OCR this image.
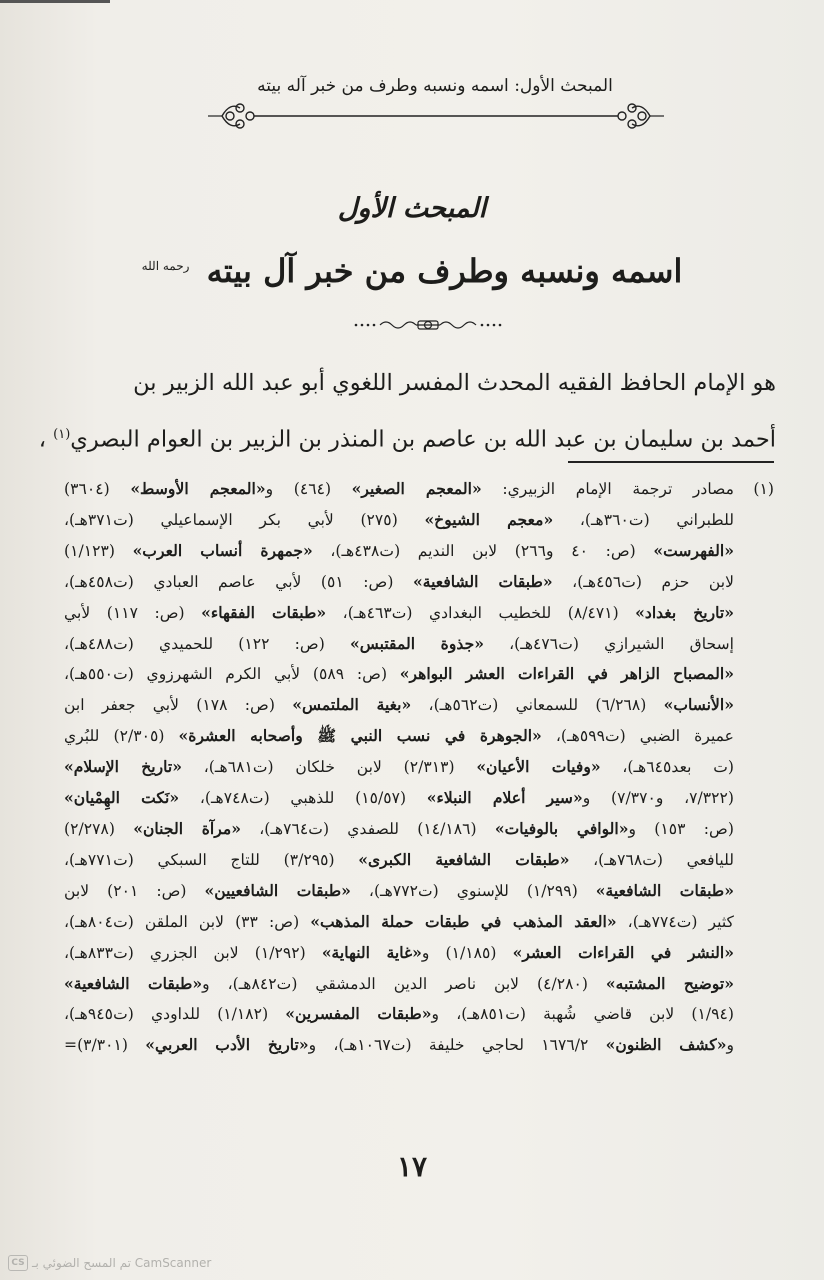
المبحث الأول: اسمه ونسبه وطرف من خبر آله بيته
المبحث الأول
اسمه ونسبه وطرف من خبر آل بيته $^{رحمه الله}$
هو الإمام الحافظ الفقيه المحدث المفسر اللغوي أبو عبد الله الزبير بن
أحمد بن سليمان بن عبد الله بن عاصم بن المنذر بن الزبير بن العوام البصري$^{(١)}$ ،
(١)مصادر ترجمة الإمام الزبيري: «المعجم الصغير» (٤٦٤) و«المعجم الأوسط» (٣٦٠٤)
للطبراني (ت٣٦٠هـ)، «معجم الشيوخ» (٢٧٥) لأبي بكر الإسماعيلي (ت٣٧١هـ)،
«الفهرست» (ص: ٤٠ و٢٦٦) لابن النديم (ت٤٣٨هـ)، «جمهرة أنساب العرب» (١/١٢٣)
لابن حزم (ت٤٥٦هـ)، «طبقات الشافعية» (ص: ٥١) لأبي عاصم العبادي (ت٤٥٨هـ)،
«تاريخ بغداد» (٨/٤٧١) للخطيب البغدادي (ت٤٦٣هـ)، «طبقات الفقهاء» (ص: ١١٧) لأبي
إسحاق الشيرازي (ت٤٧٦هـ)، «جذوة المقتبس» (ص: ١٢٢) للحميدي (ت٤٨٨هـ)،
«المصباح الزاهر في القراءات العشر البواهر» (ص: ٥٨٩) لأبي الكرم الشهرزوي (ت٥٥٠هـ)،
«الأنساب» (٦/٢٦٨) للسمعاني (ت٥٦٢هـ)، «بغية الملتمس» (ص: ١٧٨) لأبي جعفر ابن
عميرة الضبي (ت٥٩٩هـ)، «الجوهرة في نسب النبي ﷺ وأصحابه العشرة» (٢/٣٠٥) للبُري
(ت بعد٦٤٥هـ)، «وفيات الأعيان» (٢/٣١٣) لابن خلكان (ت٦٨١هـ)، «تاريخ الإسلام»
(٧/٣٢٢، و٧/٣٧٠) و«سير أعلام النبلاء» (١٥/٥٧) للذهبي (ت٧٤٨هـ)، «نَكت الهِمْيان»
(ص: ١٥٣) و«الوافي بالوفيات» (١٤/١٨٦) للصفدي (ت٧٦٤هـ)، «مرآة الجنان» (٢/٢٧٨)
لليافعي (ت٧٦٨هـ)، «طبقات الشافعية الكبرى» (٣/٢٩٥) للتاج السبكي (ت٧٧١هـ)،
«طبقات الشافعية» (١/٢٩٩) للإسنوي (ت٧٧٢هـ)، «طبقات الشافعيين» (ص: ٢٠١) لابن
كثير (ت٧٧٤هـ)، «العقد المذهب في طبقات حملة المذهب» (ص: ٣٣) لابن الملقن (ت٨٠٤هـ)،
«النشر في القراءات العشر» (١/١٨٥) و«غاية النهاية» (١/٢٩٢) لابن الجزري (ت٨٣٣هـ)،
«توضيح المشتبه» (٤/٢٨٠) لابن ناصر الدين الدمشقي (ت٨٤٢هـ)، و«طبقات الشافعية»
(١/٩٤) لابن قاضي شُهبة (ت٨٥١هـ)، و«طبقات المفسرين» (١/١٨٢) للداودي (ت٩٤٥هـ)،
و«كشف الظنون» ١٦٧٦/٢ لحاجي خليفة (ت١٠٦٧هـ)، و«تاريخ الأدب العربي» (٣/٣٠١)=
١٧
CS تم المسح الضوئي بـ CamScanner
